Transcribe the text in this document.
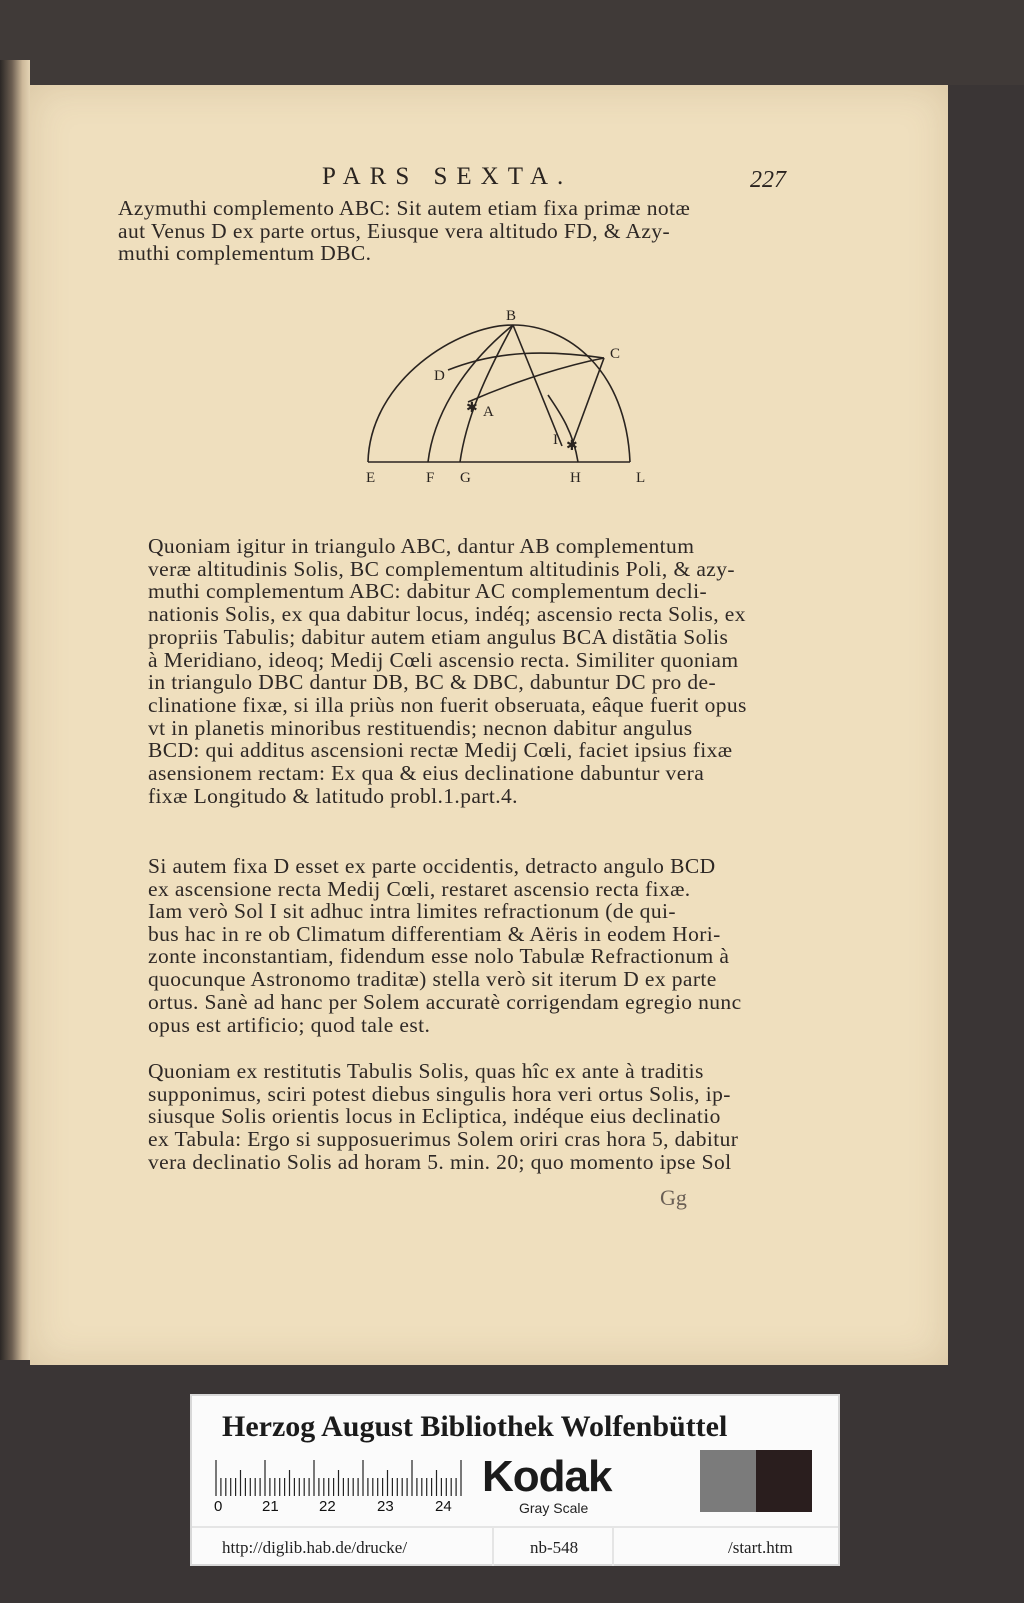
PARS SEXTA.	227

Azymuthi complemento ABC: Sit autem etiam fixa primæ notæ
aut Venus D ex parte ortus, Eiusque vera altitudo FD, & Azy-
muthi complementum DBC.

B
C
D
A
I
E	F G	H	L
✱
✱

Quoniam igitur in triangulo ABC, dantur AB complementum
veræ altitudinis Solis, BC complementum altitudinis Poli, & azy-
muthi complementum ABC: dabitur AC complementum decli-
nationis Solis, ex qua dabitur locus, indéq; ascensio recta Solis, ex
propriis Tabulis; dabitur autem etiam angulus BCA distãtia Solis
à Meridiano, ideoq; Medij Cœli ascensio recta. Similiter quoniam
in triangulo DBC dantur DB, BC & DBC, dabuntur DC pro de-
clinatione fixæ, si illa priùs non fuerit obseruata, eâque fuerit opus
vt in planetis minoribus restituendis; necnon dabitur angulus
BCD: qui additus ascensioni rectæ Medij Cœli, faciet ipsius fixæ
asensionem rectam: Ex qua & eius declinatione dabuntur vera
fixæ Longitudo & latitudo probl.1.part.4.

Si autem fixa D esset ex parte occidentis, detracto angulo BCD
ex ascensione recta Medij Cœli, restaret ascensio recta fixæ.

Iam verò Sol I sit adhuc intra limites refractionum (de qui-
bus hac in re ob Climatum differentiam & Aëris in eodem Hori-
zonte inconstantiam, fidendum esse nolo Tabulæ Refractionum à
quocunque Astronomo traditæ) stella verò sit iterum D ex parte
ortus. Sanè ad hanc per Solem accuratè corrigendam egregio nunc
opus est artificio; quod tale est.

Quoniam ex restitutis Tabulis Solis, quas hîc ex ante à traditis
supponimus, sciri potest diebus singulis hora veri ortus Solis, ip-
siusque Solis orientis locus in Ecliptica, indéque eius declinatio
ex Tabula: Ergo si supposuerimus Solem oriri cras hora 5, dabitur
vera declinatio Solis ad horam 5. min. 20; quo momento ipse Sol

Gg
Herzog August Bibliothek Wolfenbüttel
0	21	22	23	24
Kodak
Gray Scale
http://diglib.hab.de/drucke/	nb-548	/start.htm
